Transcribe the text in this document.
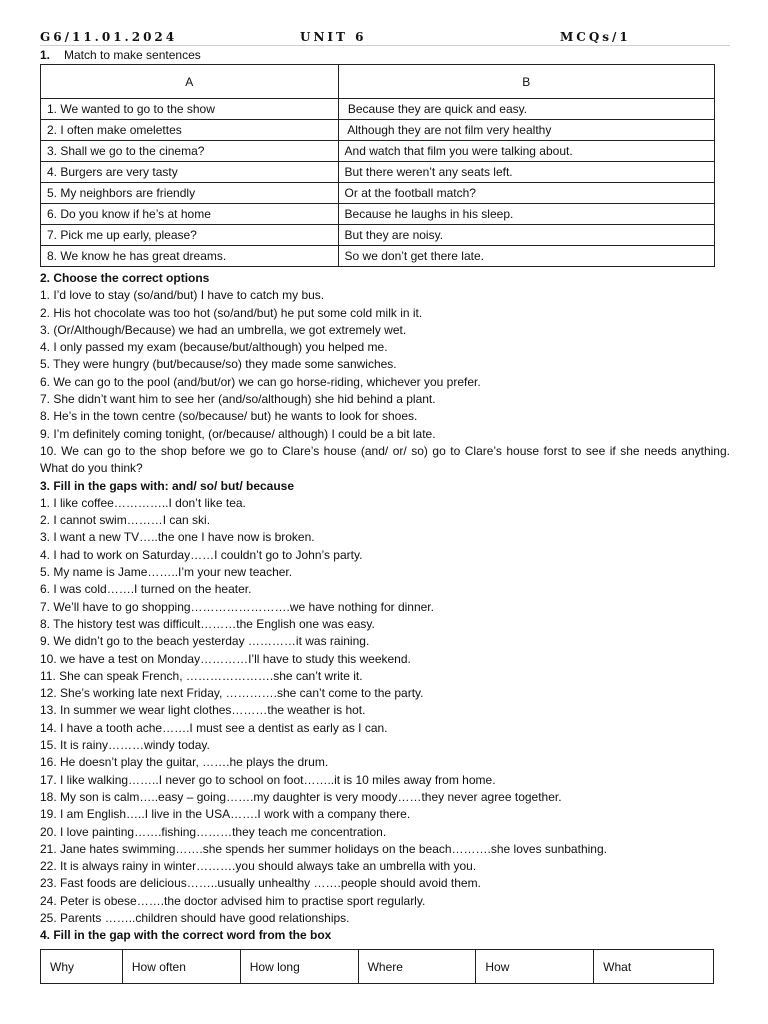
G6/11.01.2024	UNIT 6	MCQs/1
1. Match to make sentences
A	B
1. We wanted to go to the show	Because they are quick and easy.
2. I often make omelettes	Although they are not film very healthy
3. Shall we go to the cinema?	And watch that film you were talking about.
4. Burgers are very tasty	But there weren’t any seats left.
5. My neighbors are friendly	Or at the football match?
6. Do you know if he’s at home	Because he laughs in his sleep.
7. Pick me up early, please?	But they are noisy.
8. We know he has great dreams.	So we don’t get there late.
2. Choose the correct options
1. I’d love to stay (so/and/but) I have to catch my bus.
2. His hot chocolate was too hot (so/and/but) he put some cold milk in it.
3. (Or/Although/Because) we had an umbrella, we got extremely wet.
4. I only passed my exam (because/but/although) you helped me.
5. They were hungry (but/because/so) they made some sanwiches.
6. We can go to the pool (and/but/or) we can go horse-riding, whichever you prefer.
7. She didn’t want him to see her (and/so/although) she hid behind a plant.
8. He’s in the town centre (so/because/ but) he wants to look for shoes.
9. I’m definitely coming tonight, (or/because/ although) I could be a bit late.
10. We can go to the shop before we go to Clare’s house (and/ or/ so) go to Clare’s house forst to see if she needs anything. What do you think?
3. Fill in the gaps with: and/ so/ but/ because
1. I like coffee…………..I don’t like tea.
2. I cannot swim………I can ski.
3. I want a new TV…..the one I have now is broken.
4. I had to work on Saturday……I couldn’t go to John’s party.
5. My name is Jame……..I’m your new teacher.
6. I was cold…….I turned on the heater.
7. We’ll have to go shopping…………………….we have nothing for dinner.
8. The history test was difficult………the English one was easy.
9. We didn’t go to the beach yesterday …………it was raining.
10. we have a test on Monday…………I’ll have to study this weekend.
11. She can speak French, ………………….she can’t write it.
12. She’s working late next Friday, ………….she can’t come to the party.
13. In summer we wear light clothes………the weather is hot.
14. I have a tooth ache…….I must see a dentist as early as I can.
15. It is rainy………windy today.
16. He doesn’t play the guitar, …….he plays the drum.
17. I like walking……..I never go to school on foot……..it is 10 miles away from home.
18. My son is calm…..easy – going…….my daughter is very moody……they never agree together.
19. I am English…..I live in the USA…….I work with a company there.
20. I love painting…….fishing………they teach me concentration.
21. Jane hates swimming…….she spends her summer holidays on the beach……….she loves sunbathing.
22. It is always rainy in winter……….you should always take an umbrella with you.
23. Fast foods are delicious……..usually unhealthy …….people should avoid them.
24. Peter is obese…….the doctor advised him to practise sport regularly.
25. Parents ……..children should have good relationships.
4. Fill in the gap with the correct word from the box
Why	How often	How long	Where	How	What
